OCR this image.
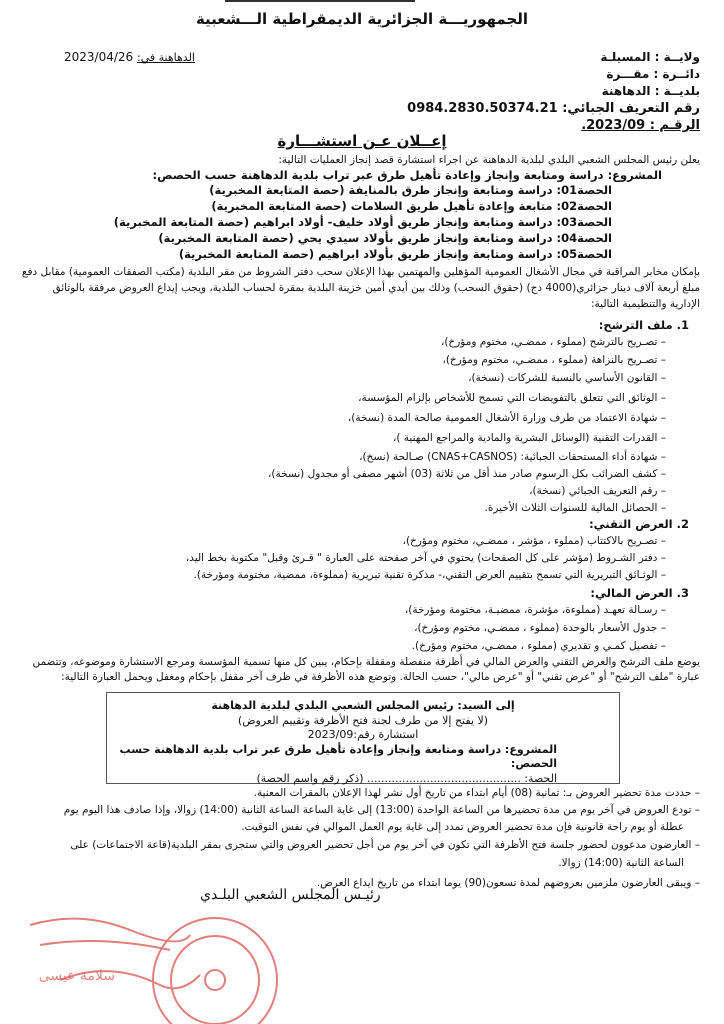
الجمهوريـــة الجزائرية الديمقراطية الـــشعبية
ولايــة : المسيلـة
دائــرة : مقـــرة
بلديــة : الدهاهنة
رقم التعريف الجبائي: 0984.2830.50374.21
الرقـم : 2023/09.
الدهاهنة في: 2023/04/26
إعــلان عـن استشـــارة
يعلن رئيس المجلس الشعبي البلدي لبلدية الدهاهنة عن اجراء استشارة قصد إنجاز العمليات التالية:
المشروع: دراسة ومتابعة وإنجاز وإعادة تأهيل طرق عبر تراب بلدية الدهاهنة حسب الحصص:
الحصة01: دراسة ومتابعة وإنجاز طرق بالمنايفة (حصة المتابعة المخبرية)
الحصة02: متابعة وإعادة تأهيل طريق السلامات (حصة المتابعة المخبرية)
الحصة03: دراسة ومتابعة وإنجاز طريق أولاد خليف- أولاد ابراهيم (حصة المتابعة المخبرية)
الحصة04: دراسة ومتابعة وإنجاز طريق بأولاد سيدي يحي (حصة المتابعة المخبرية)
الحصة05: دراسة ومتابعة وإنجاز طريق بأولاد ابراهيم (حصة المتابعة المخبرية)
بإمكان مخابر المراقبة في مجال الأشغال العمومية المؤهلين والمهتمين بهذا الإعلان سحب دفتر الشروط من مقر البلدية (مكتب الصفقات العمومية) مقابل دفع
مبلغ أربعة آلاف دينار جزائري(4000 دج) (حقوق السحب) وذلك بين أيدي أمين خزينة البلدية بمقرة لحساب البلدية، ويجب إيداع العروض مرفقة بالوثائق
الإدارية والتنظيمية التالية:
1. ملف الترشح:
– تصـريح بالترشح (مملوء ، ممضـي، مختوم ومؤرخ)،
– تصـريح بالنزاهة (مملوء ، ممضـي، مختوم ومؤرخ)،
– القانون الأساسي بالنسبة للشركات (نسخة)،
– الوثائق التي تتعلق بالتفويضات التي تسمح للأشخاص بإلزام المؤسسة،
– شهادة الاعتماد من طرف وزارة الأشغال العمومية صالحة المدة (نسخة)،
– القدرات التقنية (الوسائل البشرية والمادية والمراجع المهنية )،
– شهادة أداء المستحقات الجبائية: (CNAS+CASNOS) صـالحة (نسخ)،
– كشف الضرائب بكل الرسوم صادر منذ أقل من ثلاثة (03) أشهر مصفى أو مجدول (نسخة)،
– رقم التعريف الجبائي (نسخة)،
– الحصائل المالية للسنوات الثلاث الأخيرة.
2. العرض التقني:
– تصـريح بالاكتتاب (مملوء ، مؤشر ، ممضـي، مختوم ومؤرخ)،
– دفتر الشـروط (مؤشر على كل الصفحات) يحتوي في آخر صفحته على العبارة " قـرئ وقبل" مكتوبة بخط اليد،
– الوثـائق التبريرية التي تسمح بتقييم العرض التقني،- مذكرة تقنية تبريرية (مملوءة، ممضية، مختومة ومؤرخة).
3. العرض المالي:
– رسـالة تعهـد (مملوءة، مؤشرة، ممضيـة، مختومة ومؤرخة)،
– جدول الأسعار بالوحدة (مملوء ، ممضـي، مختوم ومؤرخ)،
– تفصيل كمـي و تقديري (مملوء ، ممضـي، مختوم ومؤرخ).
يوضع ملف الترشح والعرض التقني والعرض المالي في أظرفة منفصلة ومقفلة بإحكام، يبين كل منها تسمية المؤسسة ومرجع الاستشارة وموضوعه، وتتضمن
عبارة "ملف الترشح" أو "عرض تقني" أو "عرض مالي"، حسب الحالة. وتوضع هذه الأظرفة في ظرف آخر مقفل بإحكام ومغفل ويحمل العبارة التالية:
إلى السيد: رئيس المجلس الشعبي البلدي لبلدية الدهاهنة
(لا يفتح إلا من طرف لجنة فتح الأظرفة وتقييم العروض)
استشارة رقم:2023/09
المشروع: دراسة ومتابعة وإنجاز وإعادة تأهيل طرق عبر تراب بلدية الدهاهنة حسب الحصص:
الحصة: ............................................ (ذكر رقم واسم الحصة)
– حددت مدة تحضير العروض بـ: ثمانية (08) أيام ابتداء من تاريخ أول نشر لهذا الإعلان بالمقرات المعنية.
– تودع العروض في آخر يوم من مدة تحضيرها من الساعة الواحدة (13:00) إلى غاية الساعة الساعة الثانية (14:00) زوالا، وإذا صادف هذا اليوم يوم
عطلة أو يوم راحة قانونية فإن مدة تحضير العروض تمدد إلى غاية يوم العمل الموالي في نفس التوقيت.
– العارضون مدعوون لحضور جلسة فتح الأظرفة التي تكون في آخر يوم من أجل تحضير العروض والتي ستجرى بمقر البلدية(قاعة الاجتماعات) على
الساعة الثانية (14:00) زوالا.
– ويبقى العارضون ملزمين بعروضهم لمدة تسعون(90) يوما ابتداء من تاريخ ايداع العرض.
رئيـس المجلس الشعبي البلـدي
سلامة عيسى
